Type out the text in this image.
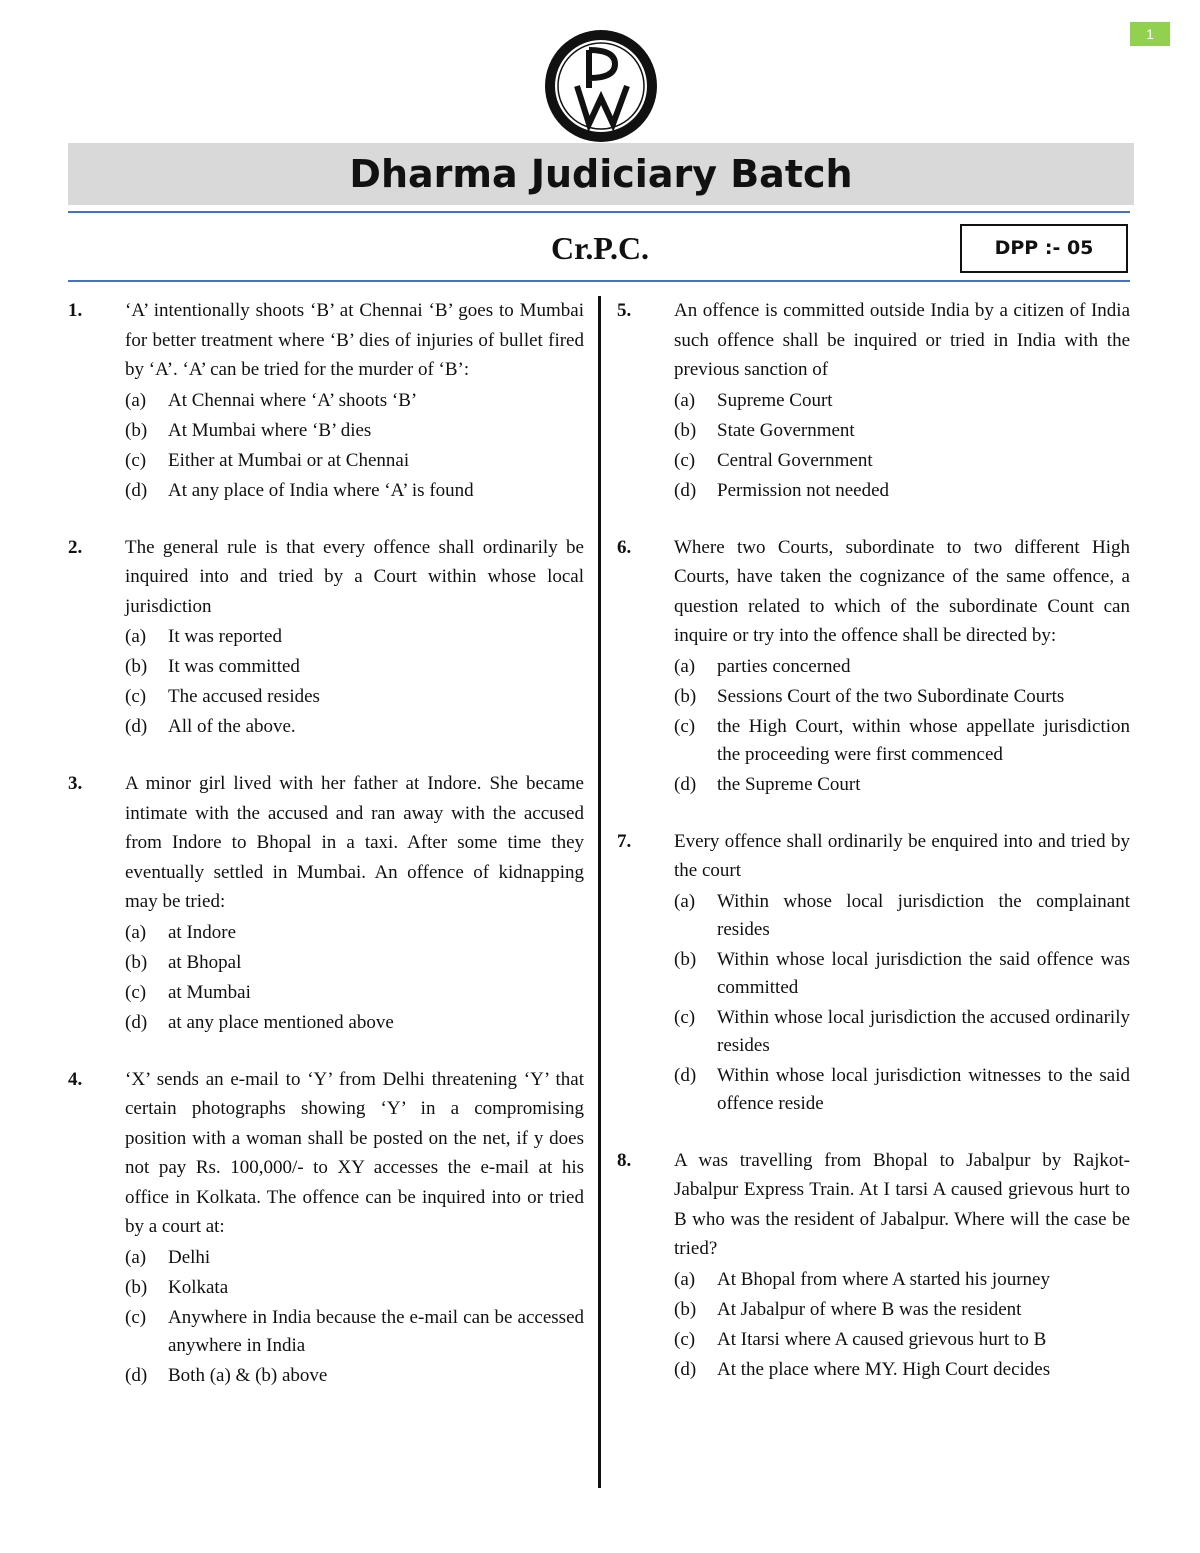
1
Dharma Judiciary Batch
Cr.P.C.	DPP :- 05
1.	‘A’ intentionally shoots ‘B’ at Chennai ‘B’ goes to Mumbai for better treatment where ‘B’ dies of injuries of bullet fired by ‘A’. ‘A’ can be tried for the murder of ‘B’:
(a)	At Chennai where ‘A’ shoots ‘B’
(b)	At Mumbai where ‘B’ dies
(c)	Either at Mumbai or at Chennai
(d)	At any place of India where ‘A’ is found
2.	The general rule is that every offence shall ordinarily be inquired into and tried by a Court within whose local jurisdiction
(a)	It was reported
(b)	It was committed
(c)	The accused resides
(d)	All of the above.
3.	A minor girl lived with her father at Indore. She became intimate with the accused and ran away with the accused from Indore to Bhopal in a taxi. After some time they eventually settled in Mumbai. An offence of kidnapping may be tried:
(a)	at Indore
(b)	at Bhopal
(c)	at Mumbai
(d)	at any place mentioned above
4.	‘X’ sends an e-mail to ‘Y’ from Delhi threatening ‘Y’ that certain photographs showing ‘Y’ in a compromising position with a woman shall be posted on the net, if y does not pay Rs. 100,000/- to XY accesses the e-mail at his office in Kolkata. The offence can be inquired into or tried by a court at:
(a)	Delhi
(b)	Kolkata
(c)	Anywhere in India because the e-mail can be accessed anywhere in India
(d)	Both (a) & (b) above
5.	An offence is committed outside India by a citizen of India such offence shall be inquired or tried in India with the previous sanction of
(a)	Supreme Court
(b)	State Government
(c)	Central Government
(d)	Permission not needed
6.	Where two Courts, subordinate to two different High Courts, have taken the cognizance of the same offence, a question related to which of the subordinate Count can inquire or try into the offence shall be directed by:
(a)	parties concerned
(b)	Sessions Court of the two Subordinate Courts
(c)	the High Court, within whose appellate jurisdiction the proceeding were first commenced
(d)	the Supreme Court
7.	Every offence shall ordinarily be enquired into and tried by the court
(a)	Within whose local jurisdiction the complainant resides
(b)	Within whose local jurisdiction the said offence was committed
(c)	Within whose local jurisdiction the accused ordinarily resides
(d)	Within whose local jurisdiction witnesses to the said offence reside
8.	A was travelling from Bhopal to Jabalpur by Rajkot-Jabalpur Express Train. At I tarsi A caused grievous hurt to B who was the resident of Jabalpur. Where will the case be tried?
(a)	At Bhopal from where A started his journey
(b)	At Jabalpur of where B was the resident
(c)	At Itarsi where A caused grievous hurt to B
(d)	At the place where MY. High Court decides
